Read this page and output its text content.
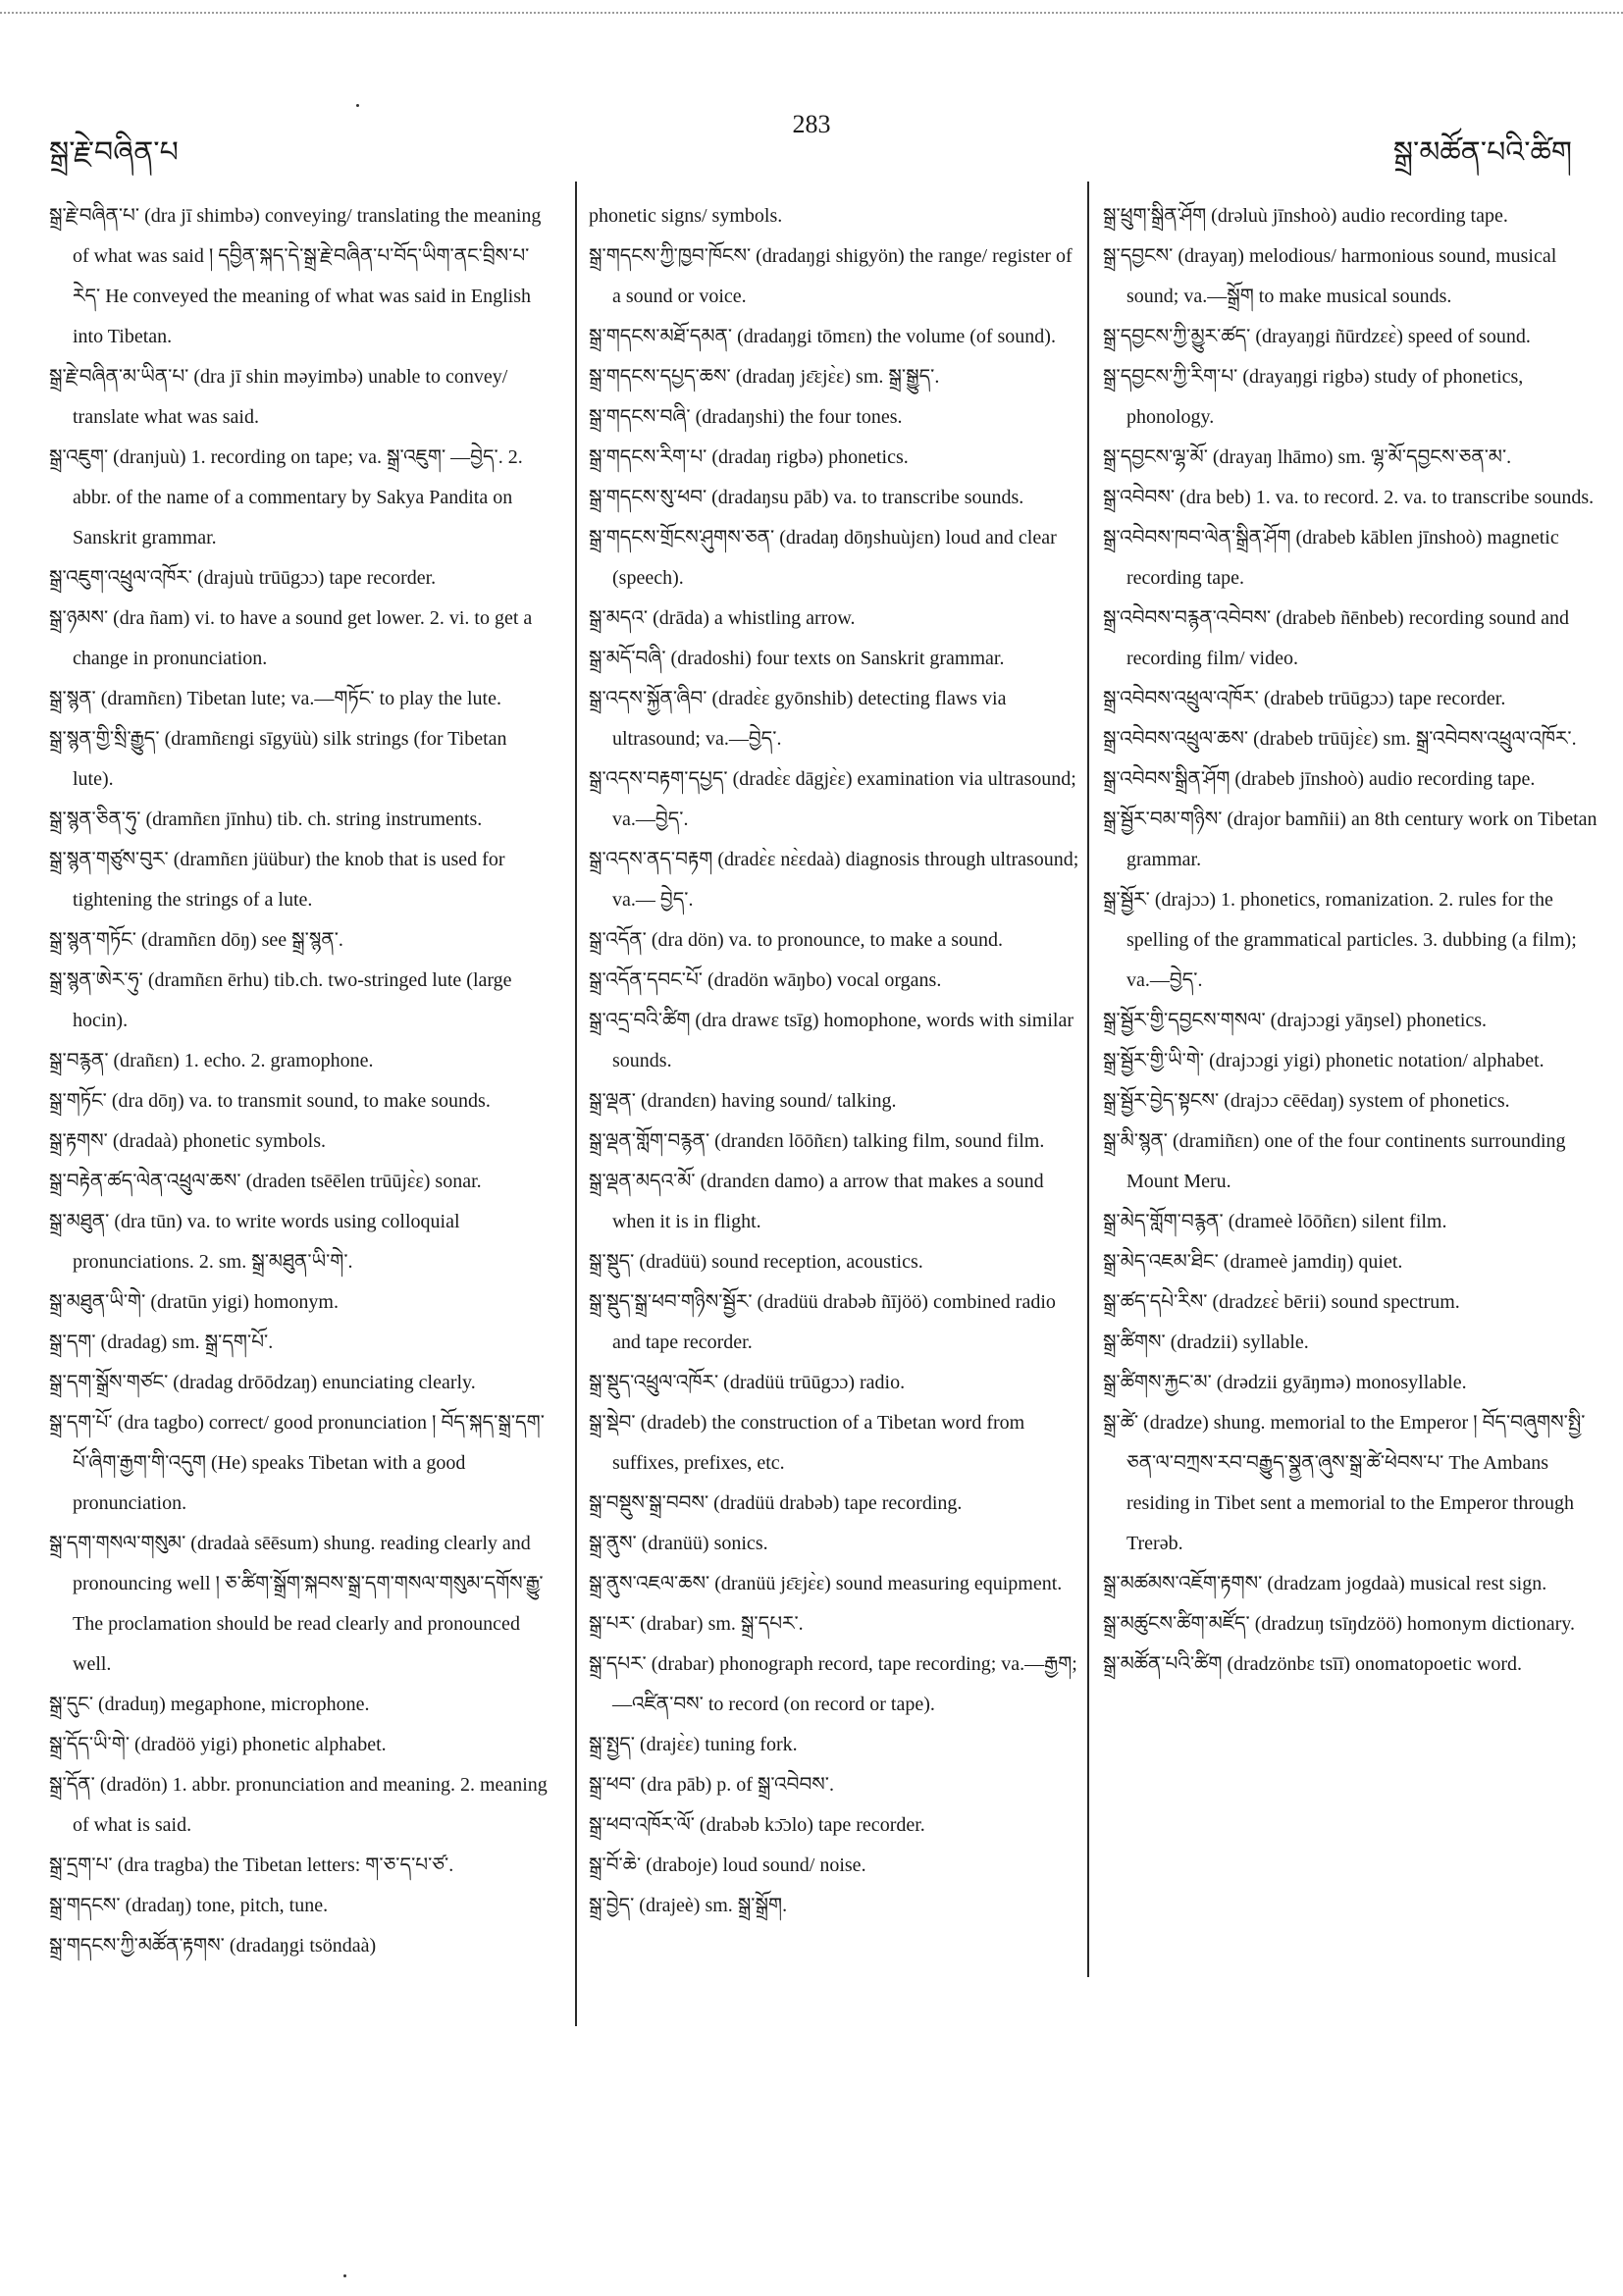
སྒྲ་རྗེ་བཞིན་པ
283
སྒྲ་མཚོན་པའི་ཚིག

སྒྲ་རྗེ་བཞིན་པ་ (dra jī shimbə) conveying/ translating the meaning of what was said ། དབྱིན་སྐད་དེ་སྒྲ་རྗེ་བཞིན་པ་བོད་ཡིག་ནང་བྲིས་པ་རེད་ He conveyed the meaning of what was said in English into Tibetan.

སྒྲ་རྗེ་བཞིན་མ་ཡིན་པ་ (dra jī shin məyimbə) unable to convey/ translate what was said.

སྒྲ་འཇུག་ (dranjuù) 1. recording on tape; va. སྒྲ་འཇུག་ —བྱེད་. 2. abbr. of the name of a commentary by Sakya Pandita on Sanskrit grammar.

སྒྲ་འཇུག་འཕྲུལ་འཁོར་ (drajuù trūūgɔɔ) tape recorder.

སྒྲ་ཉམས་ (dra ñam) vi. to have a sound get lower. 2. vi. to get a change in pronunciation.

སྒྲ་སྙན་ (dramñɛn) Tibetan lute; va.—གཏོང་ to play the lute.

སྒྲ་སྙན་གྱི་སྲི་རྒྱུད་ (dramñɛngi sīgyüù) silk strings (for Tibetan lute).

སྒྲ་སྙན་ཅིན་ཧུ་ (dramñɛn jīnhu) tib. ch. string instruments.

སྒྲ་སྙན་གཙུས་བུར་ (dramñɛn jüübur) the knob that is used for tightening the strings of a lute.

སྒྲ་སྙན་གཏོང་ (dramñɛn dōŋ) see སྒྲ་སྙན་.

སྒྲ་སྙན་ཨེར་ཧུ་ (dramñɛn ērhu) tib.ch. two-stringed lute (large hocin).

སྒྲ་བརྙན་ (drañɛn) 1. echo. 2. gramophone.

སྒྲ་གཏོང་ (dra dōŋ) va. to transmit sound, to make sounds.

སྒྲ་རྟགས་ (dradaà) phonetic symbols.

སྒྲ་བརྟེན་ཚད་ལེན་འཕྲུལ་ཆས་ (draden tsēēlen trūūjɛ̀ɛ) sonar.

སྒྲ་མཐུན་ (dra tūn) va. to write words using colloquial pronunciations. 2. sm. སྒྲ་མཐུན་ཡི་གེ་.

སྒྲ་མཐུན་ཡི་གེ་ (dratūn yigi) homonym.

སྒྲ་དག་ (dradag) sm. སྒྲ་དག་པོ་.

སྒྲ་དག་སྒྲོས་གཙང་ (dradag drōōdzaŋ) enunciating clearly.

སྒྲ་དག་པོ་ (dra tagbo) correct/ good pronunciation ། བོད་སྐད་སྒྲ་དག་པོ་ཞིག་རྒྱག་གི་འདུག (He) speaks Tibetan with a good pronunciation.

སྒྲ་དག་གསལ་གསུམ་ (dradaà sēēsum) shung. reading clearly and pronouncing well ། ཅ་ཚིག་སྒྲོག་སྐབས་སྒྲ་དག་གསལ་གསུམ་དགོས་རྒྱུ་ The proclamation should be read clearly and pronounced well.

སྒྲ་དུང་ (draduŋ) megaphone, microphone.

སྒྲ་དོད་ཡི་གེ་ (dradöö yigi) phonetic alphabet.

སྒྲ་དོན་ (dradön) 1. abbr. pronunciation and meaning. 2. meaning of what is said.

སྒྲ་དྲག་པ་ (dra tragba) the Tibetan letters: ག་ཅ་ད་པ་ཙ་.

སྒྲ་གདངས་ (dradaŋ) tone, pitch, tune.

སྒྲ་གདངས་ཀྱི་མཚོན་རྟགས་ (dradaŋgi tsöndaà)

phonetic signs/ symbols.

སྒྲ་གདངས་ཀྱི་ཁྱབ་ཁོངས་ (dradaŋgi shigyön) the range/ register of a sound or voice.

སྒྲ་གདངས་མཐོ་དམན་ (dradaŋgi tōmɛn) the volume (of sound).

སྒྲ་གདངས་དཔྱད་ཆས་ (dradaŋ jɛ̄ɛjɛ̀ɛ) sm. སྒྲ་སྒྱུད་.

སྒྲ་གདངས་བཞི་ (dradaŋshi) the four tones.

སྒྲ་གདངས་རིག་པ་ (dradaŋ rigbə) phonetics.

སྒྲ་གདངས་སུ་ཕབ་ (dradaŋsu pāb) va. to transcribe sounds.

སྒྲ་གདངས་གྲོངས་ཤུགས་ཅན་ (dradaŋ dōŋshuùjɛn) loud and clear (speech).

སྒྲ་མདའ་ (drāda) a whistling arrow.

སྒྲ་མདོ་བཞི་ (dradoshi) four texts on Sanskrit grammar.

སྒྲ་འདས་སྐྱོན་ཞིབ་ (dradɛ̀ɛ gyōnshib) detecting flaws via ultrasound; va.—བྱེད་.

སྒྲ་འདས་བརྟག་དཔྱད་ (dradɛ̀ɛ dāgjɛ̀ɛ) examination via ultrasound; va.—བྱེད་.

སྒྲ་འདས་ནད་བརྟག (dradɛ̀ɛ nɛ̀ɛdaà) diagnosis through ultrasound; va.— བྱེད་.

སྒྲ་འདོན་ (dra dön) va. to pronounce, to make a sound.

སྒྲ་འདོན་དབང་པོ་ (dradön wāŋbo) vocal organs.

སྒྲ་འདྲ་བའི་ཚིག (dra drawɛ tsīg) homophone, words with similar sounds.

སྒྲ་ལྡན་ (drandɛn) having sound/ talking.

སྒྲ་ལྡན་གློག་བརྙན་ (drandɛn lōōñɛn) talking film, sound film.

སྒྲ་ལྡན་མདའ་མོ་ (drandɛn damo) a arrow that makes a sound when it is in flight.

སྒྲ་སྡུད་ (dradüü) sound reception, acoustics.

སྒྲ་སྡུད་སྒྲ་ཕབ་གཉིས་སྦྱོར་ (dradüü drabəb ñījöö) combined radio and tape recorder.

སྒྲ་སྡུད་འཕྲུལ་འཁོར་ (dradüü trūūgɔɔ) radio.

སྒྲ་སྡེབ་ (dradeb) the construction of a Tibetan word from suffixes, prefixes, etc.

སྒྲ་བསྡུས་སྒྲ་བབས་ (dradüü drabəb) tape recording.

སྒྲ་ནུས་ (dranüü) sonics.

སྒྲ་ནུས་འཇལ་ཆས་ (dranüü jɛ̄ɛjɛ̀ɛ) sound measuring equipment.

སྒྲ་པར་ (drabar) sm. སྒྲ་དཔར་.

སྒྲ་དཔར་ (drabar) phonograph record, tape recording; va.—རྒྱག; —འཛིན་བས་ to record (on record or tape).

སྒྲ་སྤྱད་ (drajɛ̀ɛ) tuning fork.

སྒྲ་ཕབ་ (dra pāb) p. of སྒྲ་འབེབས་.

སྒྲ་ཕབ་འཁོར་ལོ་ (drabəb kɔ̄ɔlo) tape recorder.

སྒྲ་བོ་ཆེ་ (draboje) loud sound/ noise.

སྒྲ་བྱེད་ (drajeè) sm. སྒྲ་སྒྲོག.

སྒྲ་ཕྲུག་སྒྲིན་ཤོག (drəluù jīnshoò) audio recording tape.

སྒྲ་དབྱངས་ (drayaŋ) melodious/ harmonious sound, musical sound; va.—སྒྲོག to make musical sounds.

སྒྲ་དབྱངས་ཀྱི་མྱུར་ཚད་ (drayaŋgi ñūrdzɛɛ̀) speed of sound.

སྒྲ་དབྱངས་ཀྱི་རིག་པ་ (drayaŋgi rigbə) study of phonetics, phonology.

སྒྲ་དབྱངས་ལྷ་མོ་ (drayaŋ lhāmo) sm. ལྷ་མོ་དབྱངས་ཅན་མ་.

སྒྲ་འབེབས་ (dra beb) 1. va. to record. 2. va. to transcribe sounds.

སྒྲ་འབེབས་ཁབ་ལེན་སྒྲིན་ཤོག (drabeb kāblen jīnshoò) magnetic recording tape.

སྒྲ་འབེབས་བརྙན་འབེབས་ (drabeb ñēnbeb) recording sound and recording film/ video.

སྒྲ་འབེབས་འཕྲུལ་འཁོར་ (drabeb trūūgɔɔ) tape recorder.

སྒྲ་འབེབས་འཕྲུལ་ཆས་ (drabeb trūūjɛ̀ɛ) sm. སྒྲ་འབེབས་འཕྲུལ་འཁོར་.

སྒྲ་འབེབས་སྒྲིན་ཤོག (drabeb jīnshoò) audio recording tape.

སྒྲ་སྦྱོར་བམ་གཉིས་ (drajor bamñii) an 8th century work on Tibetan grammar.

སྒྲ་སྦྱོར་ (drajɔɔ) 1. phonetics, romanization. 2. rules for the spelling of the grammatical particles. 3. dubbing (a film); va.—བྱེད་.

སྒྲ་སྦྱོར་གྱི་དབྱངས་གསལ་ (drajɔɔgi yāŋsel) phonetics.

སྒྲ་སྦྱོར་གྱི་ཡི་གེ་ (drajɔɔgi yigi) phonetic notation/ alphabet.

སྒྲ་སྦྱོར་བྱེད་སྟངས་ (drajɔɔ cēēdaŋ) system of phonetics.

སྒྲ་མི་སྙན་ (dramiñɛn) one of the four continents surrounding Mount Meru.

སྒྲ་མེད་གློག་བརྙན་ (drameè lōōñɛn) silent film.

སྒྲ་མེད་འཇམ་ཐིང་ (drameè jamdiŋ) quiet.

སྒྲ་ཚད་དཔེ་རིས་ (dradzɛɛ̀ bērii) sound spectrum.

སྒྲ་ཚིགས་ (dradzii) syllable.

སྒྲ་ཚིགས་རྐྱང་མ་ (drədzii gyāŋmə) monosyllable.

སྒྲ་ཚེ་ (dradze) shung. memorial to the Emperor ། བོད་བཞུགས་སྤྱི་ཅན་ལ་བཀྲས་རབ་བརྒྱུད་སྣྱན་ཞུས་སྒྲ་ཚེ་ཕེབས་པ་ The Ambans residing in Tibet sent a memorial to the Emperor through Trerəb.

སྒྲ་མཚམས་འཇོག་རྟགས་ (dradzam jogdaà) musical rest sign.

སྒྲ་མཚུངས་ཚིག་མཛོད་ (dradzuŋ tsīŋdzöö) homonym dictionary.

སྒྲ་མཚོན་པའི་ཚིག (dradzönbɛ tsīī) onomatopoetic word.
